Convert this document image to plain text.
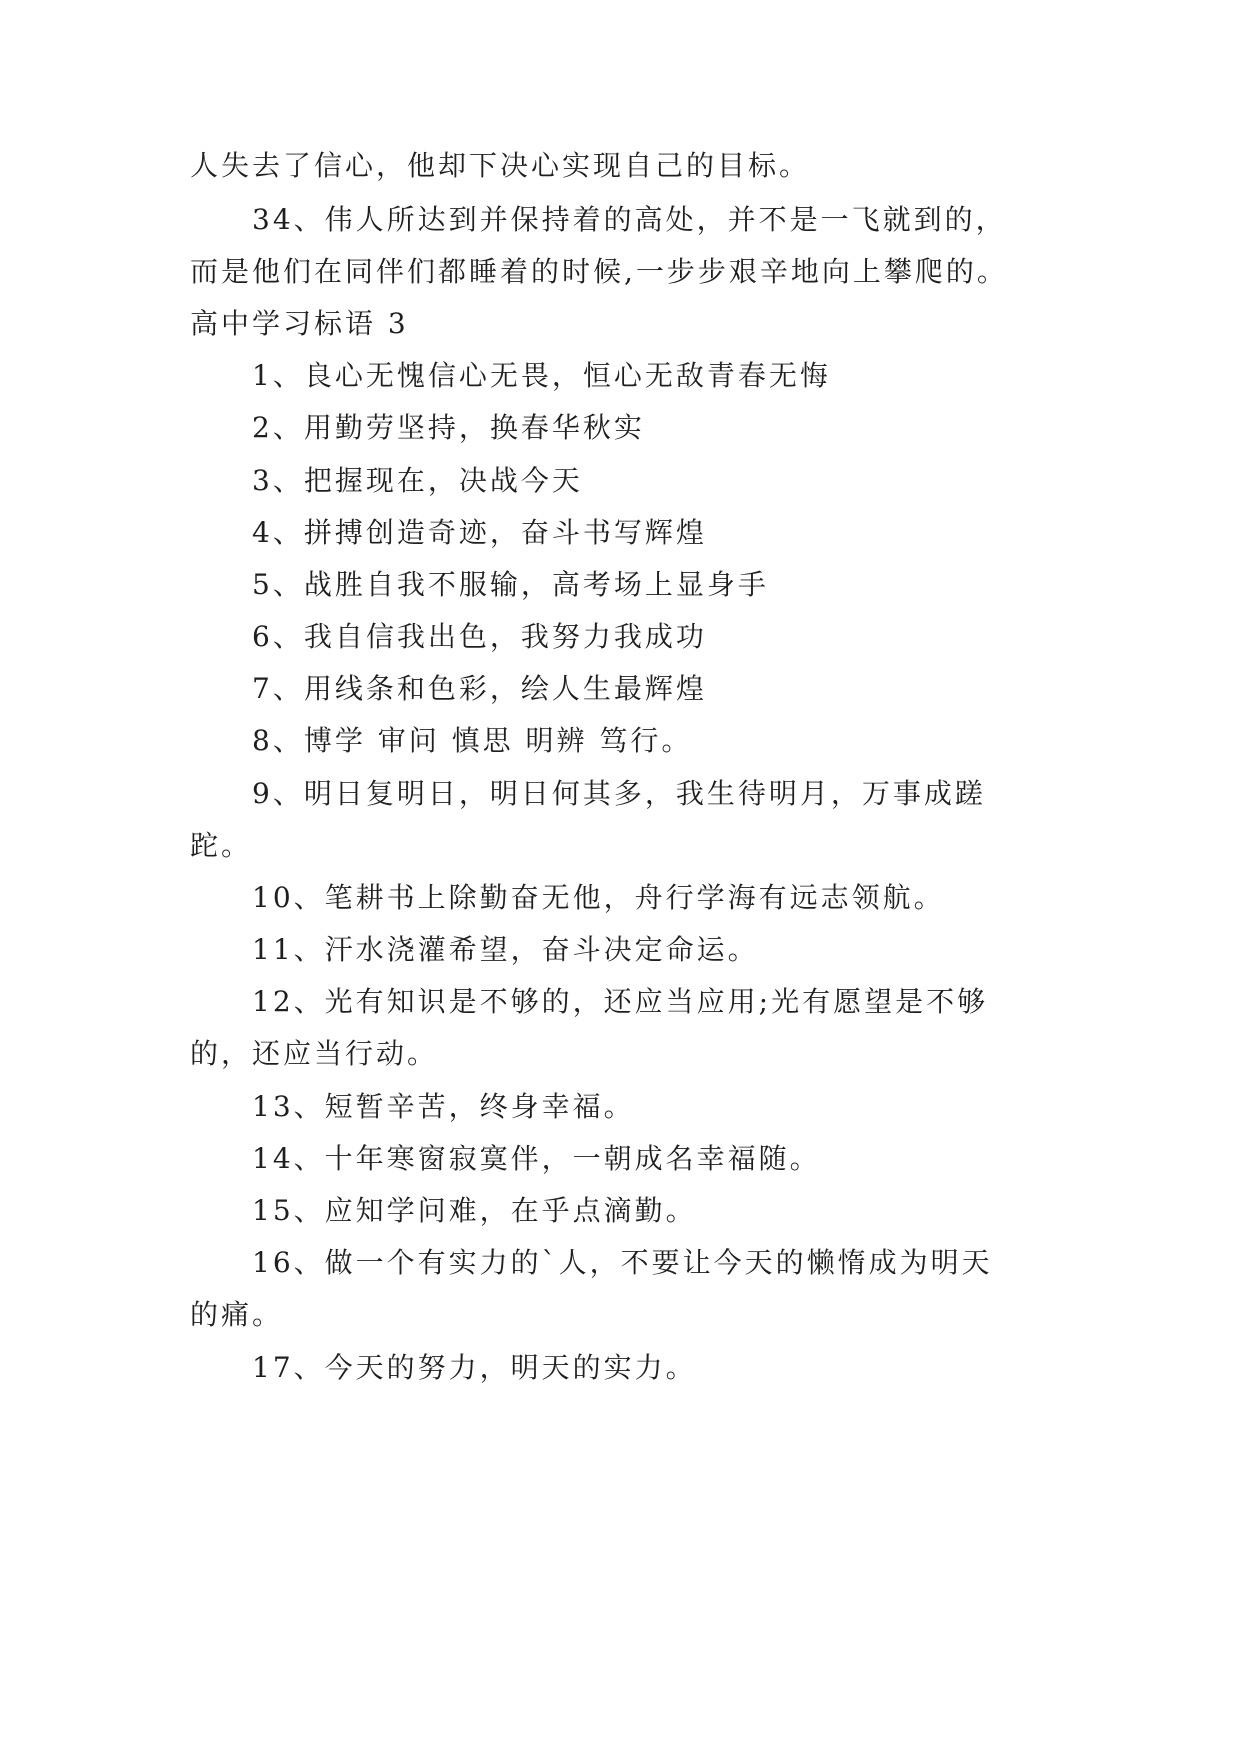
人失去了信心，他却下决心实现自己的目标。
34、伟人所达到并保持着的高处，并不是一飞就到的，
而是他们在同伴们都睡着的时候,一步步艰辛地向上攀爬的。
高中学习标语 3
1、良心无愧信心无畏，恒心无敌青春无悔
2、用勤劳坚持，换春华秋实
3、把握现在，决战今天
4、拼搏创造奇迹，奋斗书写辉煌
5、战胜自我不服输，高考场上显身手
6、我自信我出色，我努力我成功
7、用线条和色彩，绘人生最辉煌
8、博学 审问 慎思 明辨 笃行。
9、明日复明日，明日何其多，我生待明月，万事成蹉
跎。
10、笔耕书上除勤奋无他，舟行学海有远志领航。
11、汗水浇灌希望，奋斗决定命运。
12、光有知识是不够的，还应当应用;光有愿望是不够
的，还应当行动。
13、短暂辛苦，终身幸福。
14、十年寒窗寂寞伴，一朝成名幸福随。
15、应知学问难，在乎点滴勤。
16、做一个有实力的`人，不要让今天的懒惰成为明天
的痛。
17、今天的努力，明天的实力。
